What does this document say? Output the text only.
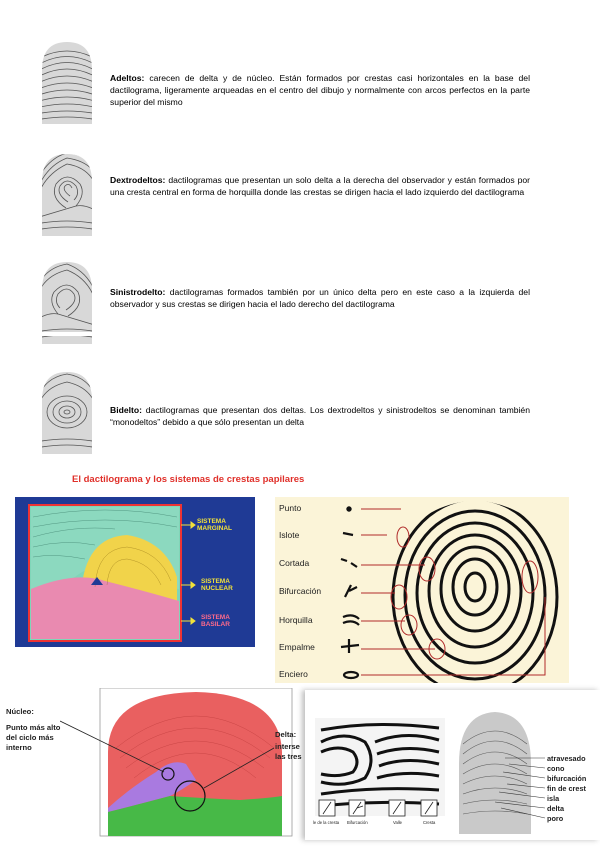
Adeltos: carecen de delta y de núcleo. Están formados por crestas casi horizontales en la base del dactilograma, ligeramente arqueadas en el centro del dibujo y normalmente con arcos perfectos en la parte superior del mismo
Dextrodeltos: dactilogramas que presentan un solo delta a la derecha del observador y están formados por una cresta central en forma de horquilla donde las crestas se dirigen hacia el lado izquierdo del dactilograma
Sinistrodelto: dactilogramas formados también por un único delta pero en este caso a la izquierda del observador y sus crestas se dirigen hacia el lado derecho del dactilograma
Bidelto: dactilogramas que presentan dos deltas. Los dextrodeltos y sinistrodeltos se denominan también “monodeltos” debido a que sólo presentan un delta
El dactilograma y los sistemas de crestas papilares
SISTEMA
MARGINAL
SISTEMA
NUCLEAR
SISTEMA
BASILAR
Punto
Islote
Cortada
Bifurcación
Horquilla
Empalme
Enciero
Núcleo:
Punto más alto
del ciclo más
interno
Delta:
interse
las tres
le de la cresta Bifurcación	Valle	Cresta
atravesado
cono
bifurcación
fin de crest
isla
delta
poro
